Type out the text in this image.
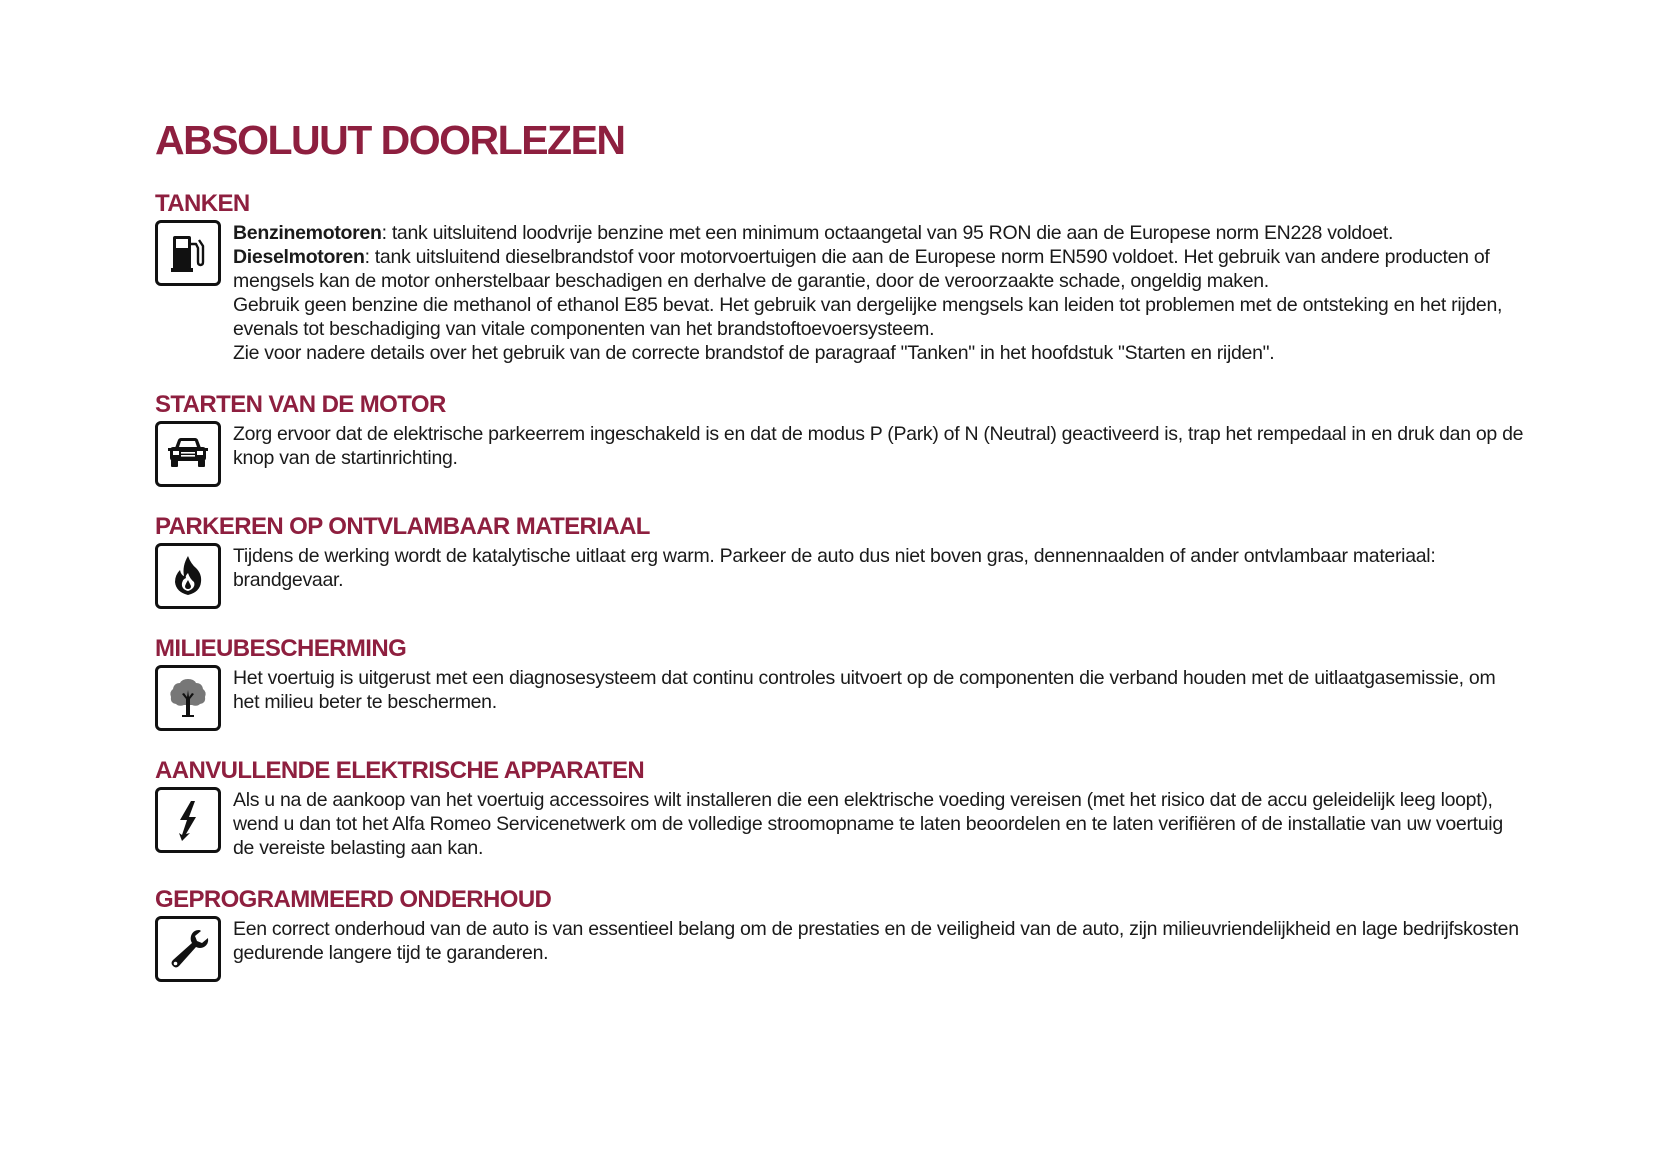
ABSOLUUT DOORLEZEN
TANKEN

Benzinemotoren: tank uitsluitend loodvrije benzine met een minimum octaangetal van 95 RON die aan de Europese norm EN228 voldoet.

Dieselmotoren: tank uitsluitend dieselbrandstof voor motorvoertuigen die aan de Europese norm EN590 voldoet. Het gebruik van andere producten of mengsels kan de motor onherstelbaar beschadigen en derhalve de garantie, door de veroorzaakte schade, ongeldig maken.

Gebruik geen benzine die methanol of ethanol E85 bevat. Het gebruik van dergelijke mengsels kan leiden tot problemen met de ontsteking en het rijden, evenals tot beschadiging van vitale componenten van het brandstoftoevoersysteem.

Zie voor nadere details over het gebruik van de correcte brandstof de paragraaf "Tanken" in het hoofdstuk "Starten en rijden".

STARTEN VAN DE MOTOR

Zorg ervoor dat de elektrische parkeerrem ingeschakeld is en dat de modus P (Park) of N (Neutral) geactiveerd is, trap het rempedaal in en druk dan op de knop van de startinrichting.

PARKEREN OP ONTVLAMBAAR MATERIAAL

Tijdens de werking wordt de katalytische uitlaat erg warm. Parkeer de auto dus niet boven gras, dennennaalden of ander ontvlambaar materiaal: brandgevaar.

MILIEUBESCHERMING

Het voertuig is uitgerust met een diagnosesysteem dat continu controles uitvoert op de componenten die verband houden met de uitlaatgasemissie, om het milieu beter te beschermen.

AANVULLENDE ELEKTRISCHE APPARATEN

Als u na de aankoop van het voertuig accessoires wilt installeren die een elektrische voeding vereisen (met het risico dat de accu geleidelijk leeg loopt), wend u dan tot het Alfa Romeo Servicenetwerk om de volledige stroomopname te laten beoordelen en te laten verifiëren of de installatie van uw voertuig de vereiste belasting aan kan.

GEPROGRAMMEERD ONDERHOUD

Een correct onderhoud van de auto is van essentieel belang om de prestaties en de veiligheid van de auto, zijn milieuvriendelijkheid en lage bedrijfskosten gedurende langere tijd te garanderen.
